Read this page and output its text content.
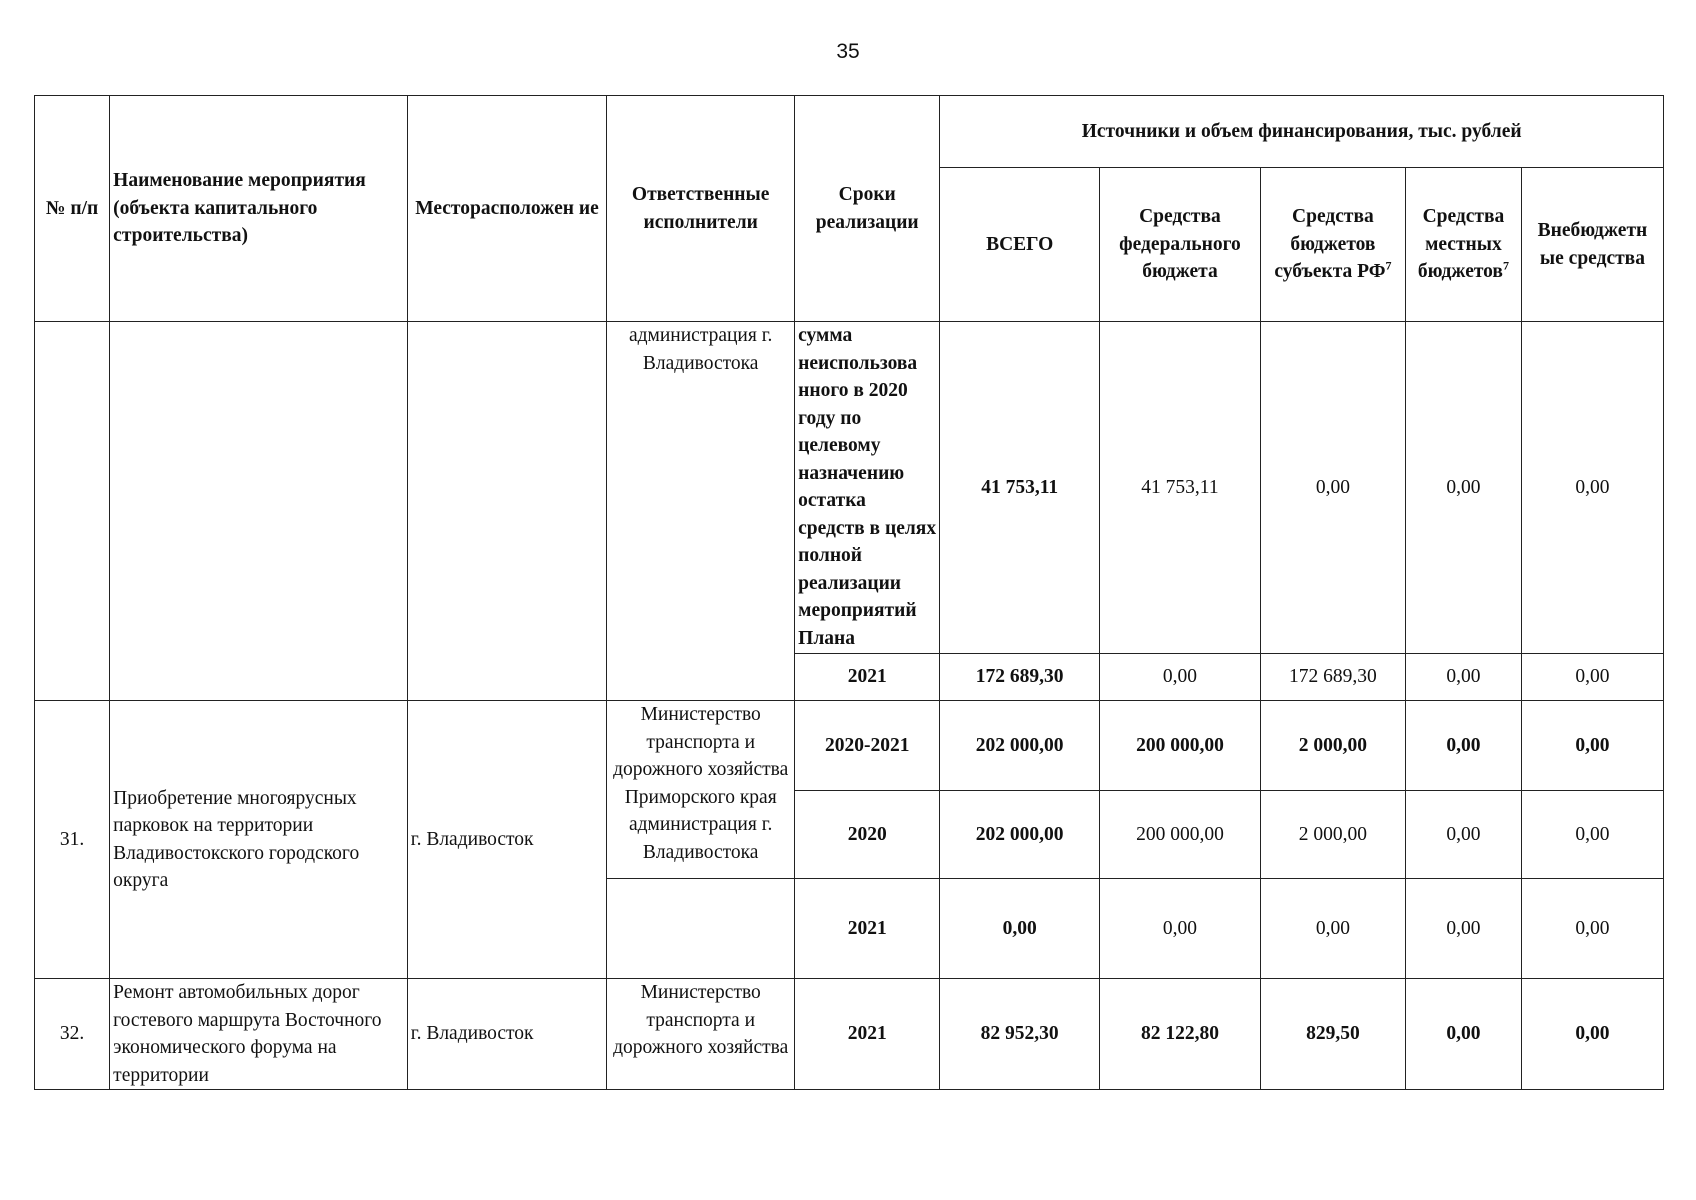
35
№ п/п	Наименование мероприятия (объекта капитального строительства)	Месторасположен ие	Ответственные исполнители	Сроки реализации	Источники и объем финансирования, тыс. рублей				
					ВСЕГО	Средства федерального бюджета	Средства бюджетов субъекта $РФ^7$	Средства местных бюджетов$^7$	Внебюджетн ые средства
			администрация г. Владивостока	сумма неиспользова нного в 2020 году по целевому назначению остатка средств в целях полной реализации мероприятий Плана	41 753,11	41 753,11	0,00	0,00	0,00
				2021	172 689,30	0,00	172 689,30	0,00	0,00
31.	Приобретение многоярусных парковок на территории Владивостокского городского округа	г. Владивосток	Министерство транспорта и дорожного хозяйства Приморского края администрация г. Владивостока	2020-2021	202 000,00	200 000,00	2 000,00	0,00	0,00
				2020	202 000,00	200 000,00	2 000,00	0,00	0,00
				2021	0,00	0,00	0,00	0,00	0,00
32.	Ремонт автомобильных дорог гостевого маршрута Восточного экономического форума на территории	г. Владивосток	Министерство транспорта и дорожного хозяйства	2021	82 952,30	82 122,80	829,50	0,00	0,00
